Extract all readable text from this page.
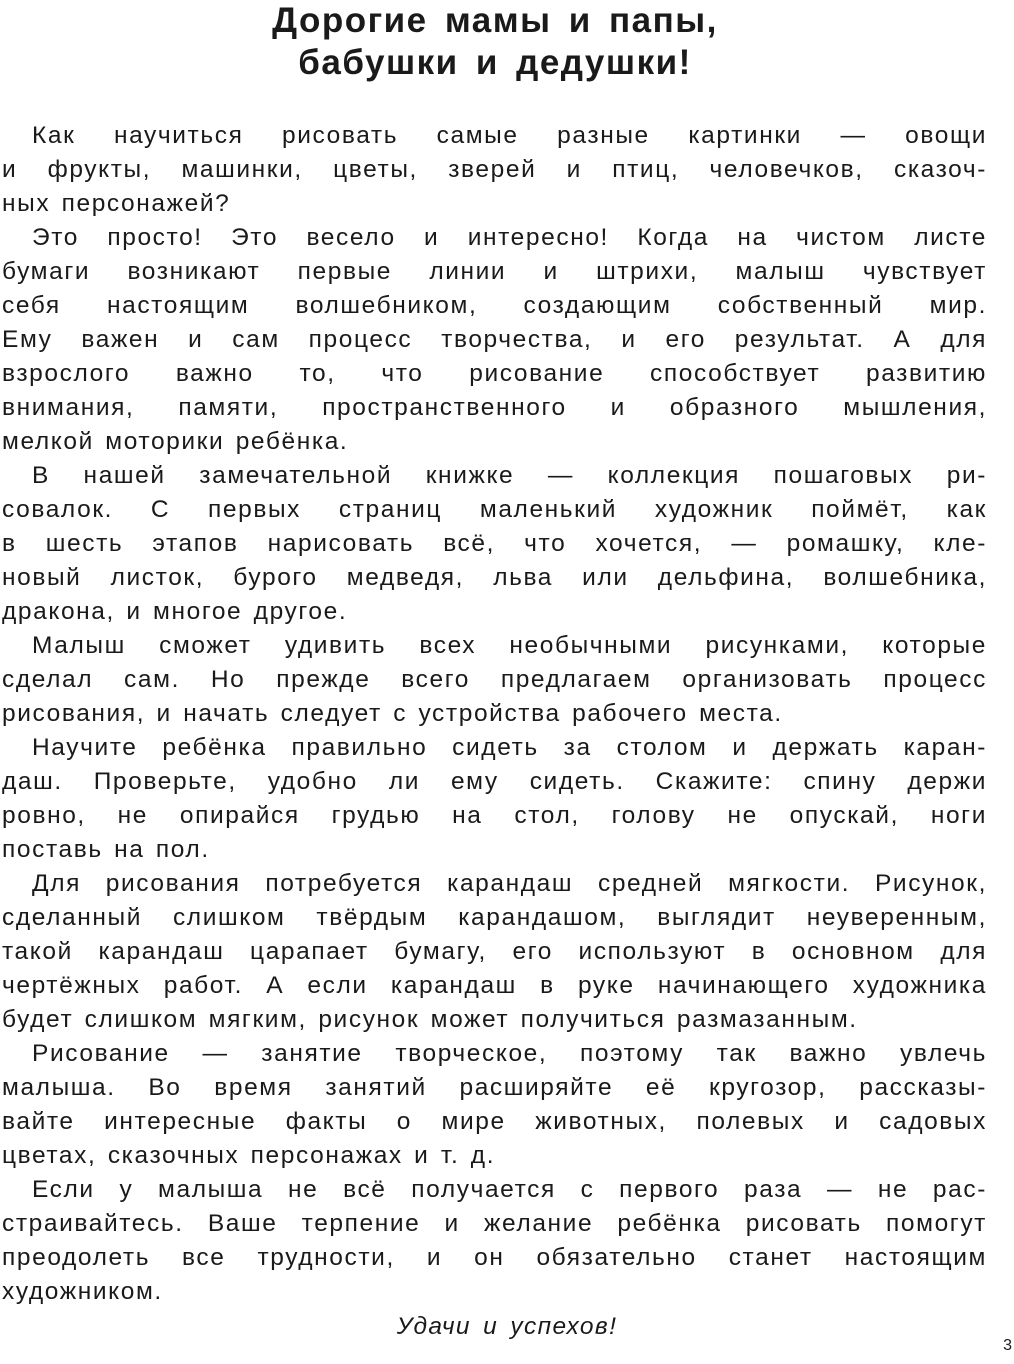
Дорогие мамы и папы,
бабушки и дедушки!
Как научиться рисовать самые разные картинки — овощи
и фрукты, машинки, цветы, зверей и птиц, человечков, сказоч-
ных персонажей?
Это просто! Это весело и интересно! Когда на чистом листе
бумаги возникают первые линии и штрихи, малыш чувствует
себя настоящим волшебником, создающим собственный мир.
Ему важен и сам процесс творчества, и его результат. А для
взрослого важно то, что рисование способствует развитию
внимания, памяти, пространственного и образного мышления,
мелкой моторики ребёнка.
В нашей замечательной книжке — коллекция пошаговых ри-
совалок. С первых страниц маленький художник поймёт, как
в шесть этапов нарисовать всё, что хочется, — ромашку, кле-
новый листок, бурого медведя, льва или дельфина, волшебника,
дракона, и многое другое.
Малыш сможет удивить всех необычными рисунками, которые
сделал сам. Но прежде всего предлагаем организовать процесс
рисования, и начать следует с устройства рабочего места.
Научите ребёнка правильно сидеть за столом и держать каран-
даш. Проверьте, удобно ли ему сидеть. Скажите: спину держи
ровно, не опирайся грудью на стол, голову не опускай, ноги
поставь на пол.
Для рисования потребуется карандаш средней мягкости. Рисунок,
сделанный слишком твёрдым карандашом, выглядит неуверенным,
такой карандаш царапает бумагу, его используют в основном для
чертёжных работ. А если карандаш в руке начинающего художника
будет слишком мягким, рисунок может получиться размазанным.
Рисование — занятие творческое, поэтому так важно увлечь
малыша. Во время занятий расширяйте её кругозор, рассказы-
вайте интересные факты о мире животных, полевых и садовых
цветах, сказочных персонажах и т. д.
Если у малыша не всё получается с первого раза — не рас-
страивайтесь. Ваше терпение и желание ребёнка рисовать помогут
преодолеть все трудности, и он обязательно станет настоящим
художником.
Удачи и успехов!
3
